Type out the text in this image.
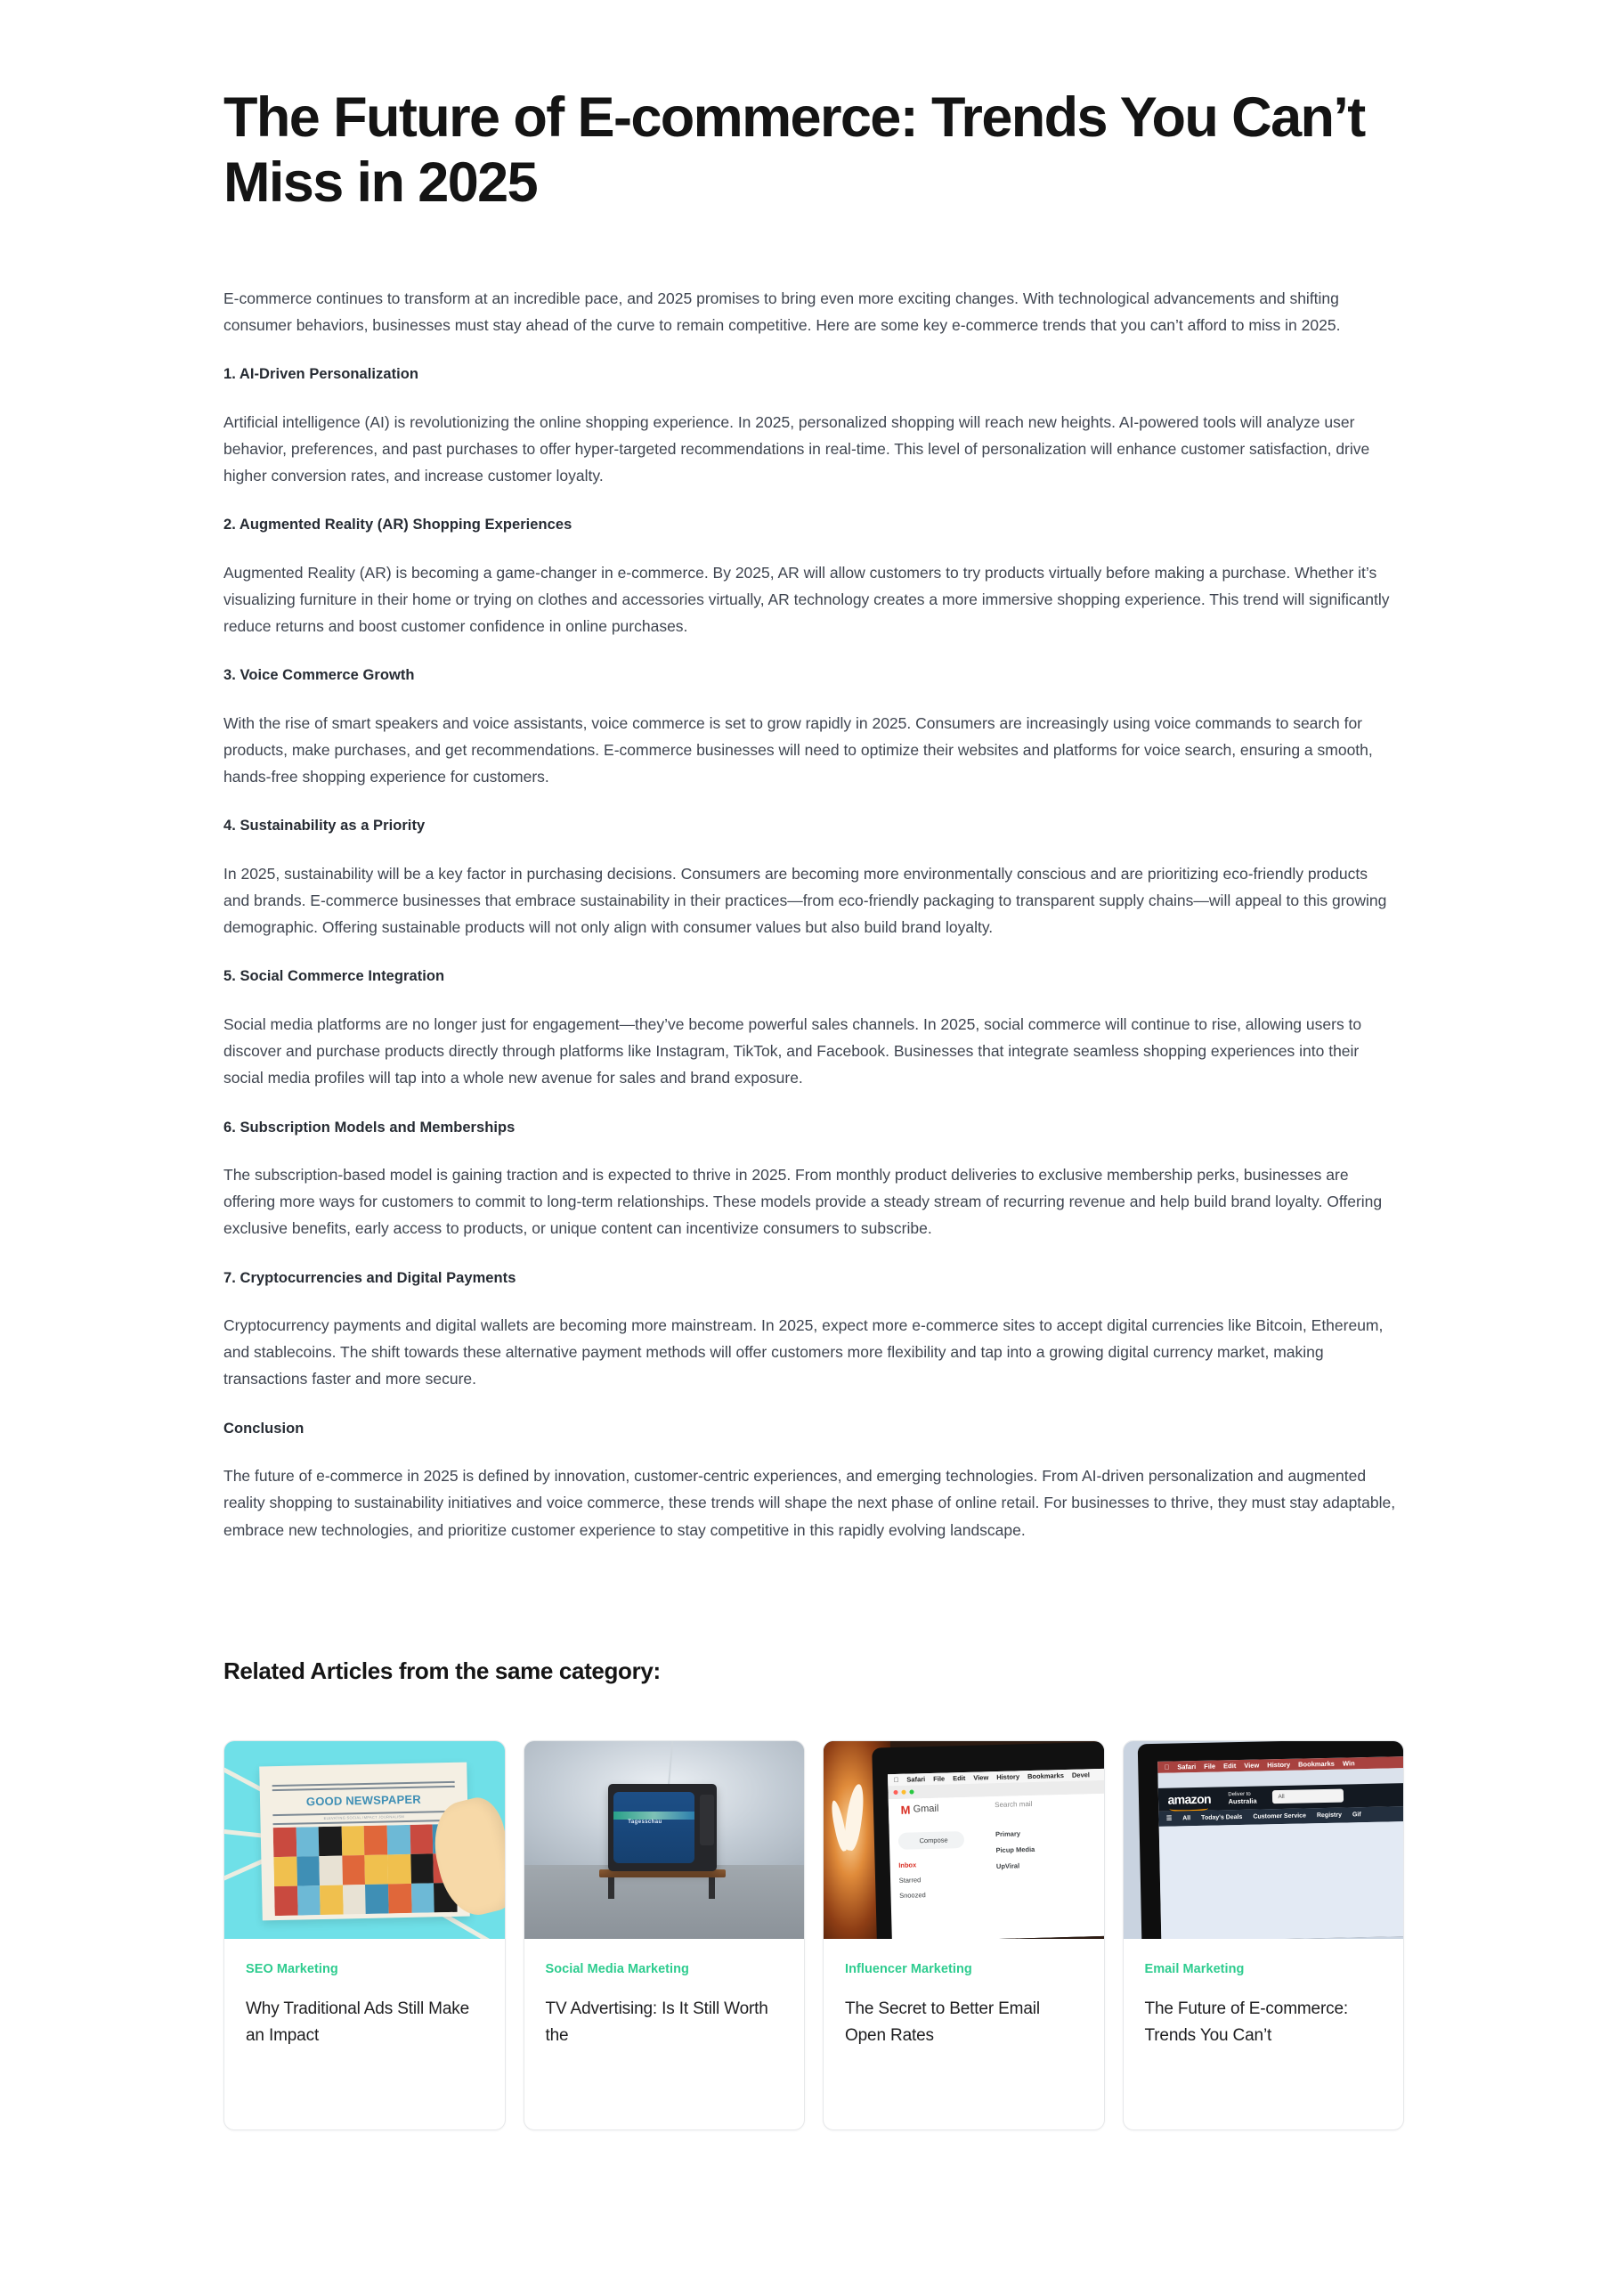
The Future of E-commerce: Trends You Can’t Miss in 2025

E-commerce continues to transform at an incredible pace, and 2025 promises to bring even more exciting changes. With technological advancements and shifting consumer behaviors, businesses must stay ahead of the curve to remain competitive. Here are some key e-commerce trends that you can’t afford to miss in 2025.

1. AI-Driven Personalization

Artificial intelligence (AI) is revolutionizing the online shopping experience. In 2025, personalized shopping will reach new heights. AI-powered tools will analyze user behavior, preferences, and past purchases to offer hyper-targeted recommendations in real-time. This level of personalization will enhance customer satisfaction, drive higher conversion rates, and increase customer loyalty.

2. Augmented Reality (AR) Shopping Experiences

Augmented Reality (AR) is becoming a game-changer in e-commerce. By 2025, AR will allow customers to try products virtually before making a purchase. Whether it’s visualizing furniture in their home or trying on clothes and accessories virtually, AR technology creates a more immersive shopping experience. This trend will significantly reduce returns and boost customer confidence in online purchases.

3. Voice Commerce Growth

With the rise of smart speakers and voice assistants, voice commerce is set to grow rapidly in 2025. Consumers are increasingly using voice commands to search for products, make purchases, and get recommendations. E-commerce businesses will need to optimize their websites and platforms for voice search, ensuring a smooth, hands-free shopping experience for customers.

4. Sustainability as a Priority

In 2025, sustainability will be a key factor in purchasing decisions. Consumers are becoming more environmentally conscious and are prioritizing eco-friendly products and brands. E-commerce businesses that embrace sustainability in their practices—from eco-friendly packaging to transparent supply chains—will appeal to this growing demographic. Offering sustainable products will not only align with consumer values but also build brand loyalty.

5. Social Commerce Integration

Social media platforms are no longer just for engagement—they’ve become powerful sales channels. In 2025, social commerce will continue to rise, allowing users to discover and purchase products directly through platforms like Instagram, TikTok, and Facebook. Businesses that integrate seamless shopping experiences into their social media profiles will tap into a whole new avenue for sales and brand exposure.

6. Subscription Models and Memberships

The subscription-based model is gaining traction and is expected to thrive in 2025. From monthly product deliveries to exclusive membership perks, businesses are offering more ways for customers to commit to long-term relationships. These models provide a steady stream of recurring revenue and help build brand loyalty. Offering exclusive benefits, early access to products, or unique content can incentivize consumers to subscribe.

7. Cryptocurrencies and Digital Payments

Cryptocurrency payments and digital wallets are becoming more mainstream. In 2025, expect more e-commerce sites to accept digital currencies like Bitcoin, Ethereum, and stablecoins. The shift towards these alternative payment methods will offer customers more flexibility and tap into a growing digital currency market, making transactions faster and more secure.

Conclusion

The future of e-commerce in 2025 is defined by innovation, customer-centric experiences, and emerging technologies. From AI-driven personalization and augmented reality shopping to sustainability initiatives and voice commerce, these trends will shape the next phase of online retail. For businesses to thrive, they must stay adaptable, embrace new technologies, and prioritize customer experience to stay competitive in this rapidly evolving landscape.

Related Articles from the same category:
GOOD NEWSPAPER
ELEVATING SOCIAL IMPACT JOURNALISM
SEO Marketing
Why Traditional Ads Still Make an Impact
Tagesschau
Social Media Marketing
TV Advertising: Is It Still Worth the
Safari File Edit View History Bookmarks Devel
M Gmail	Search mail
Compose
Inbox
Starred
Snoozed
Primary
Picup Media
UpViral
Influencer Marketing
The Secret to Better Email Open Rates
Safari File Edit View History Bookmarks Win
amazon	Deliver to
Australia
All
☰ All Today's Deals Customer Service Registry Gif
Email Marketing
The Future of E-commerce: Trends You Can’t
